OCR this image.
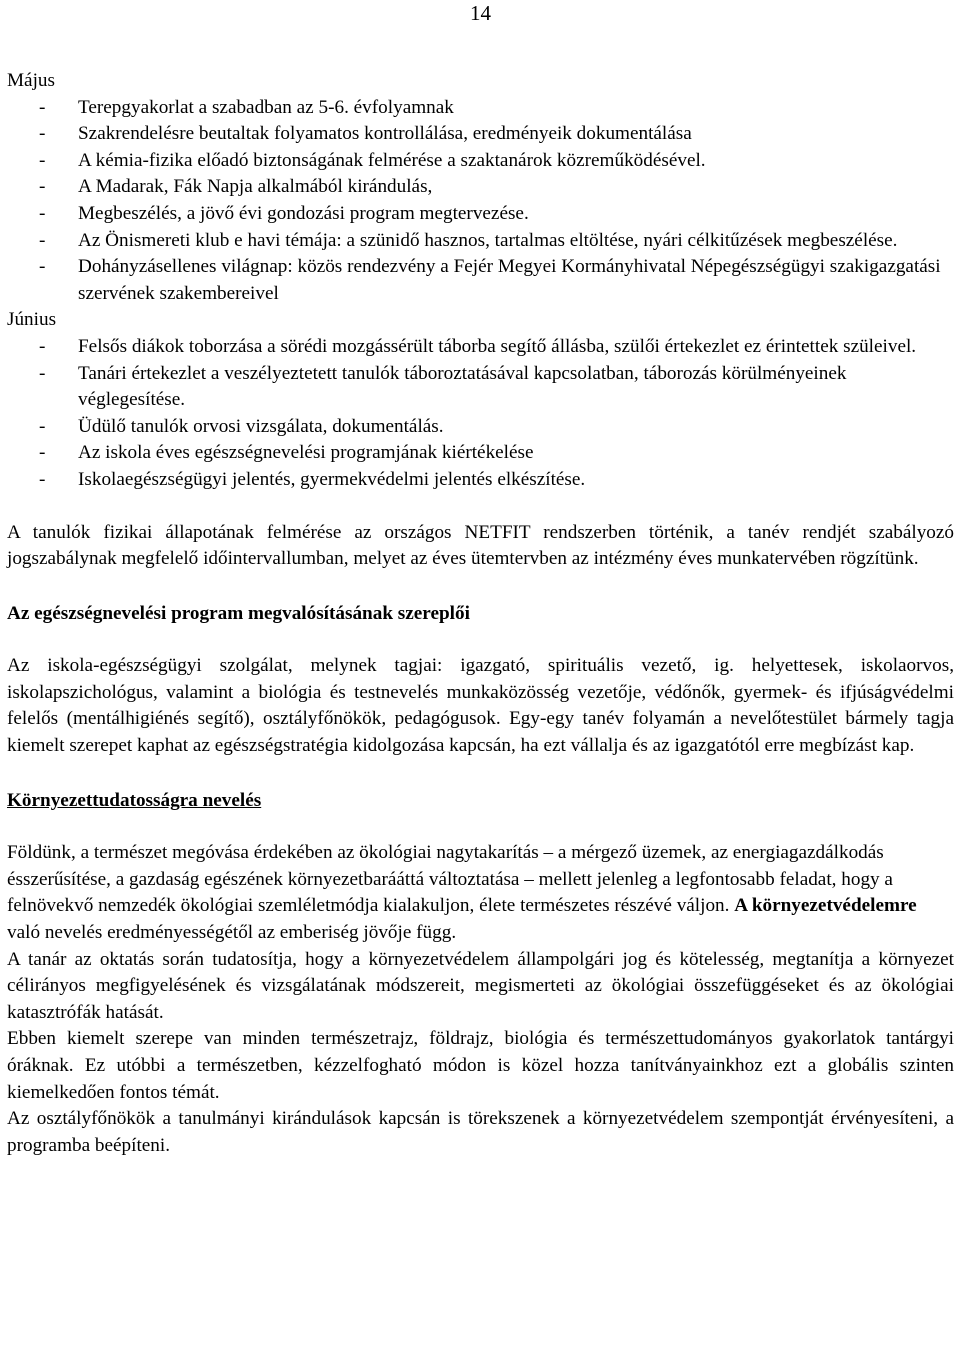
14

Május

- Terepgyakorlat a szabadban az 5-6. évfolyamnak

- Szakrendelésre beutaltak folyamatos kontrollálása, eredményeik dokumentálása

- A kémia-fizika előadó biztonságának felmérése a szaktanárok közreműködésével.

- A Madarak, Fák Napja alkalmából kirándulás,

- Megbeszélés, a jövő évi gondozási program megtervezése.

- Az Önismereti klub e havi témája: a szünidő hasznos, tartalmas eltöltése, nyári célkitűzések megbeszélése.

- Dohányzásellenes világnap: közös rendezvény a Fejér Megyei Kormányhivatal Népegészségügyi szakigazgatási szervének szakembereivel

Június

- Felsős diákok toborzása a sörédi mozgássérült táborba segítő állásba, szülői értekezlet ez érintettek szüleivel.

- Tanári értekezlet a veszélyeztetett tanulók táboroztatásával kapcsolatban, táborozás körülményeinek véglegesítése.

- Üdülő tanulók orvosi vizsgálata, dokumentálás.

- Az iskola éves egészségnevelési programjának kiértékelése

- Iskolaegészségügyi jelentés, gyermekvédelmi jelentés elkészítése.

A tanulók fizikai állapotának felmérése az országos NETFIT rendszerben történik, a tanév rendjét szabályozó jogszabálynak megfelelő időintervallumban, melyet az éves ütemtervben az intézmény éves munkatervében rögzítünk.

Az egészségnevelési program megvalósításának szereplői

Az iskola-egészségügyi szolgálat, melynek tagjai: igazgató, spirituális vezető, ig. helyettesek, iskolaorvos, iskolapszichológus, valamint a biológia és testnevelés munkaközösség vezetője, védőnők, gyermek- és ifjúságvédelmi felelős (mentálhigiénés segítő), osztályfőnökök, pedagógusok. Egy-egy tanév folyamán a nevelőtestület bármely tagja kiemelt szerepet kaphat az egészségstratégia kidolgozása kapcsán, ha ezt vállalja és az igazgatótól erre megbízást kap.

Környezettudatosságra nevelés

Földünk, a természet megóvása érdekében az ökológiai nagytakarítás – a mérgező üzemek, az energiagazdálkodás ésszerűsítése, a gazdaság egészének környezetbarááttá változtatása – mellett jelenleg a legfontosabb feladat, hogy a felnövekvő nemzedék ökológiai szemléletmódja kialakuljon, élete természetes részévé váljon. A környezetvédelemre való nevelés eredményességétől az emberiség jövője függ.

A tanár az oktatás során tudatosítja, hogy a környezetvédelem állampolgári jog és kötelesség, megtanítja a környezet célirányos megfigyelésének és vizsgálatának módszereit, megismerteti az ökológiai összefüggéseket és az ökológiai katasztrófák hatását.

Ebben kiemelt szerepe van minden természetrajz, földrajz, biológia és természettudományos gyakorlatok tantárgyi óráknak. Ez utóbbi a természetben, kézzelfogható módon is közel hozza tanítványainkhoz ezt a globális szinten kiemelkedően fontos témát.

Az osztályfőnökök a tanulmányi kirándulások kapcsán is törekszenek a környezetvédelem szempontját érvényesíteni, a programba beépíteni.
